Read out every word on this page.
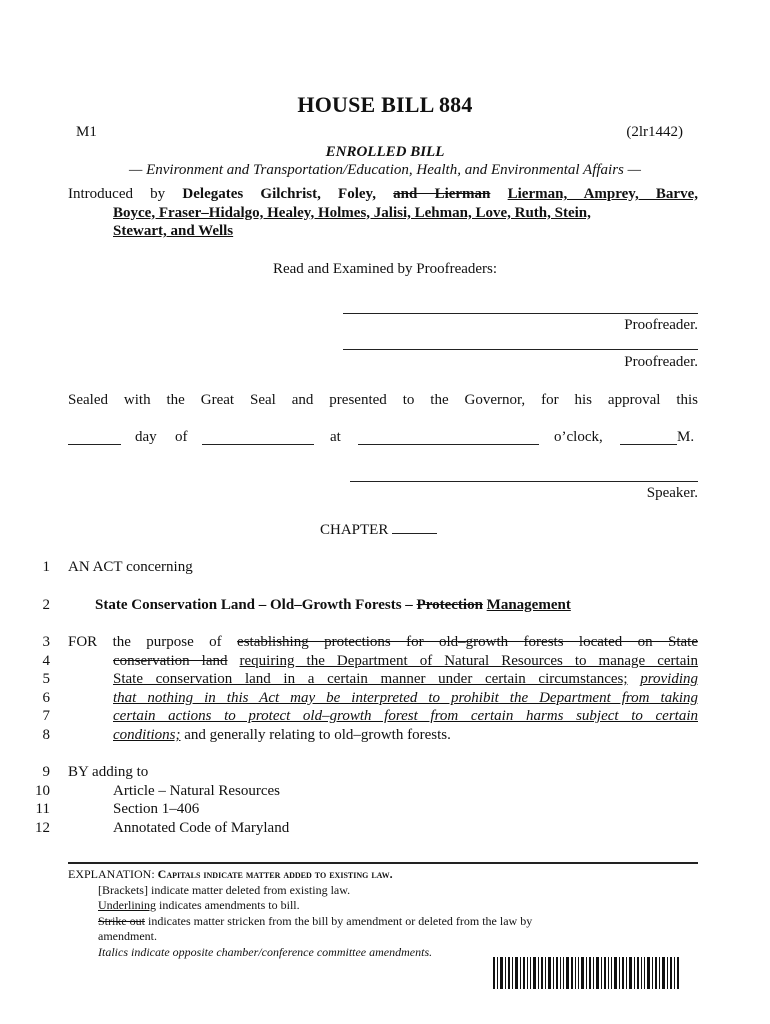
HOUSE BILL 884
M1	(2lr1442)
ENROLLED BILL
— Environment and Transportation/Education, Health, and Environmental Affairs —
Introduced by Delegates Gilchrist, Foley, and Lierman Lierman, Amprey, Barve,
Boyce, Fraser–Hidalgo, Healey, Holmes, Jalisi, Lehman, Love, Ruth, Stein,
Stewart, and Wells
Read and Examined by Proofreaders:
Proofreader.
Proofreader.
Sealed with the Great Seal and presented to the Governor, for his approval this
day of	at	o’clock,	M.
Speaker.
CHAPTER
1
2
3
4
5
6
7
8
9
10
11
12
AN ACT concerning
State Conservation Land – Old–Growth Forests – Protection Management
FOR the purpose of establishing protections for old–growth forests located on State
conservation land requiring the Department of Natural Resources to manage certain
State conservation land in a certain manner under certain circumstances; providing
that nothing in this Act may be interpreted to prohibit the Department from taking
certain actions to protect old–growth forest from certain harms subject to certain
conditions; and generally relating to old–growth forests.
BY adding to
Article – Natural Resources
Section 1–406
Annotated Code of Maryland
EXPLANATION: Capitals indicate matter added to existing law.
[Brackets] indicate matter deleted from existing law.
Underlining indicates amendments to bill.
Strike out indicates matter stricken from the bill by amendment or deleted from the law by
amendment.
Italics indicate opposite chamber/conference committee amendments.
